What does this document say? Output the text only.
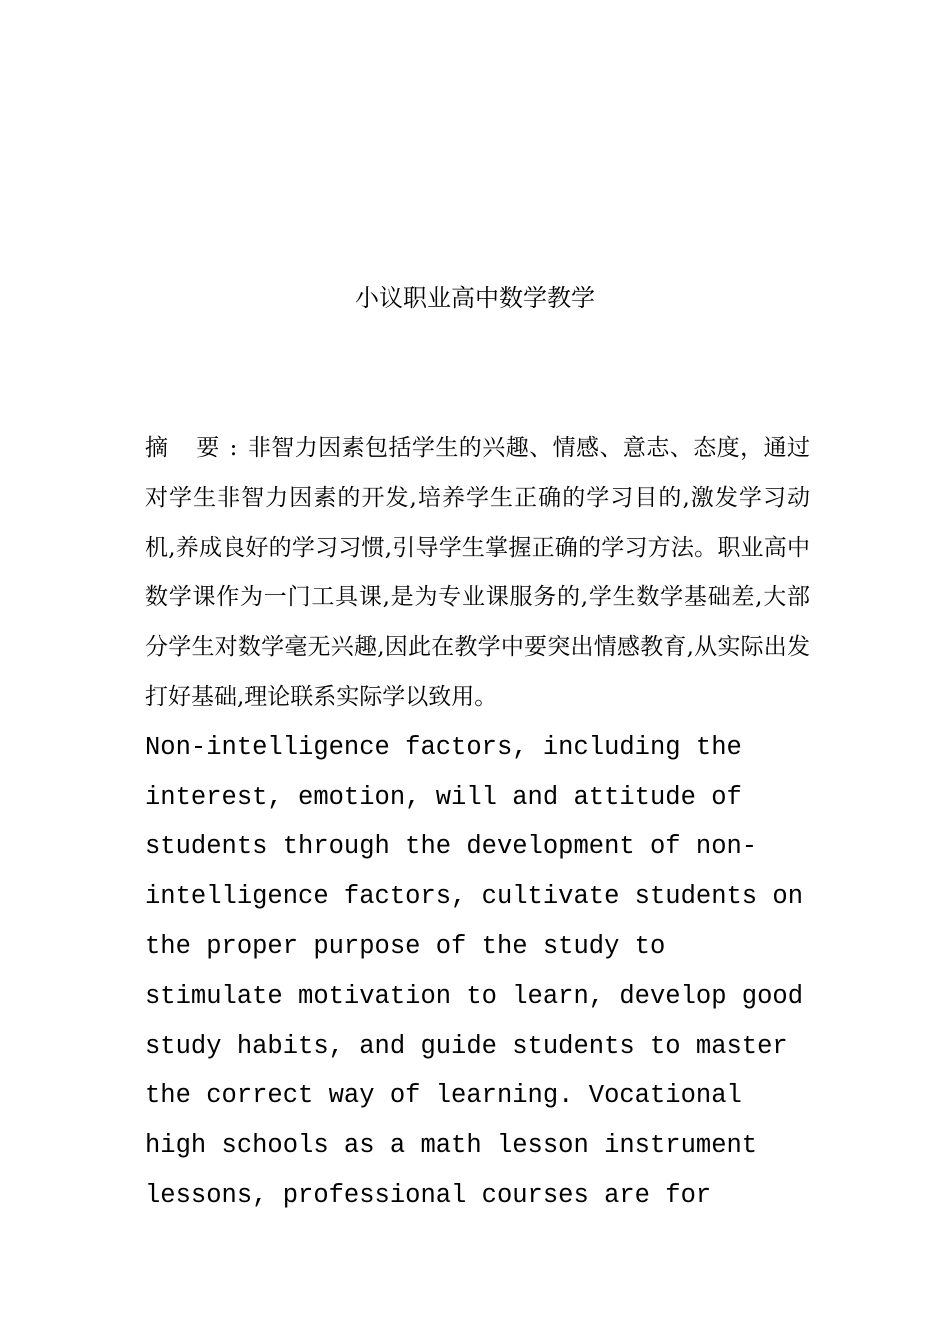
小议职业高中数学教学

摘 要:非智力因素包括学生的兴趣、情感、意志、态度，通过对学生非智力因素的开发,培养学生正确的学习目的,激发学习动机,养成良好的学习习惯,引导学生掌握正确的学习方法。职业高中数学课作为一门工具课,是为专业课服务的,学生数学基础差,大部分学生对数学毫无兴趣,因此在教学中要突出情感教育,从实际出发打好基础,理论联系实际学以致用。

Non-intelligence factors, including the interest, emotion, will and attitude of students through the development of non-intelligence factors, cultivate students on the proper purpose of the study to stimulate motivation to learn, develop good study habits, and guide students to master the correct way of learning. Vocational high schools as a math lesson instrument lessons, professional courses are for
